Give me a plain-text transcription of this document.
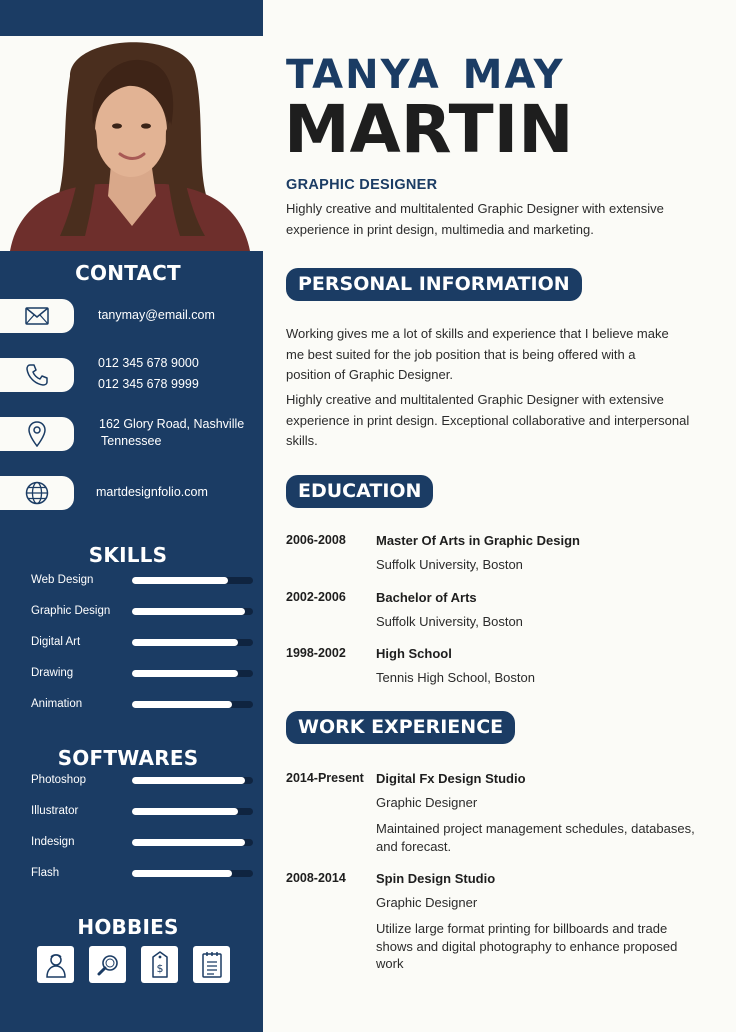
CONTACT
tanymay@email.com
012 345 678 9000
012 345 678 9999
162 Glory Road, Nashville
Tennessee
martdesignfolio.com
SKILLS
Web Design
Graphic Design
Digital Art
Drawing
Animation
SOFTWARES
Photoshop
Illustrator
Indesign
Flash
HOBBIES
$
TANYA MAY
MARTIN
GRAPHIC DESIGNER
Highly creative and multitalented Graphic Designer with extensive experience in print design, multimedia and marketing.
PERSONAL INFORMATION
Working gives me a lot of skills and experience that I believe make me best suited for the job position that is being offered with a position of Graphic Designer.
Highly creative and multitalented Graphic Designer with extensive experience in print design. Exceptional collaborative and interpersonal skills.
EDUCATION
2006-2008 Master Of Arts in Graphic Design
Suffolk University, Boston
2002-2006 Bachelor of Arts
Suffolk University, Boston
1998-2002 High School
Tennis High School, Boston
WORK EXPERIENCE
2014-Present Digital Fx Design Studio
Graphic Designer
Maintained project management schedules, databases, and forecast.
2008-2014 Spin Design Studio
Graphic Designer
Utilize large format printing for billboards and trade shows and digital photography to enhance proposed work
